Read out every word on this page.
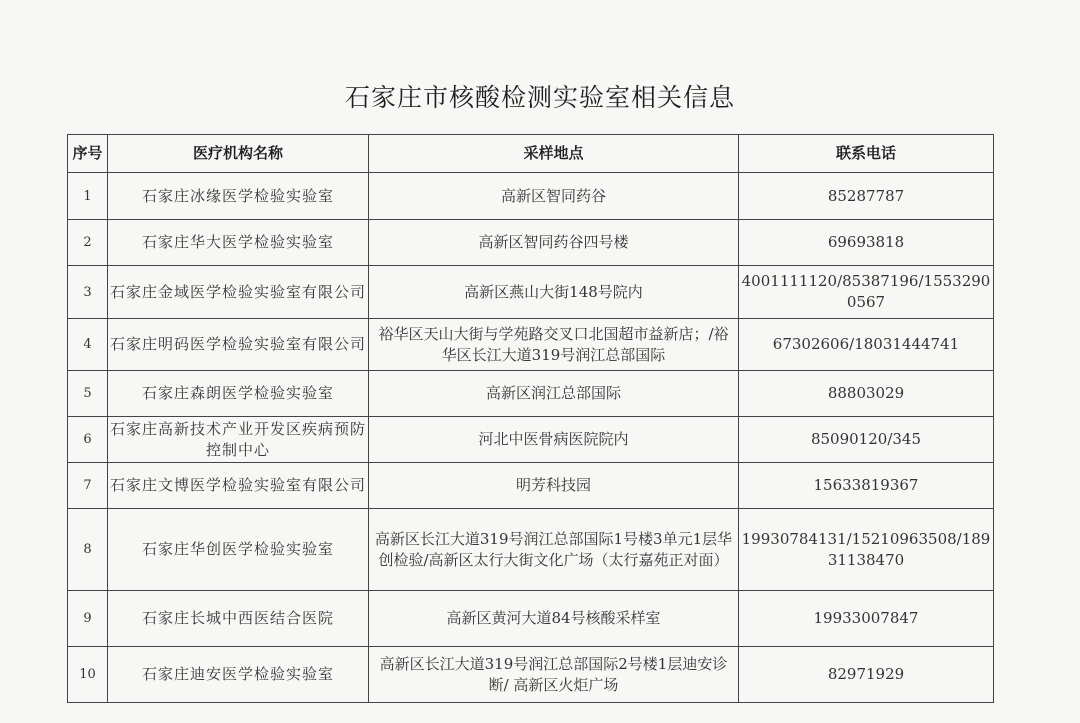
石家庄市核酸检测实验室相关信息
序号	医疗机构名称	采样地点	联系电话
1	石家庄冰缘医学检验实验室	高新区智同药谷	85287787
2	石家庄华大医学检验实验室	高新区智同药谷四号楼	69693818
3	石家庄金域医学检验实验室有限公司	高新区燕山大街148号院内	4001111120/85387196/15532900567
4	石家庄明码医学检验实验室有限公司	裕华区天山大街与学苑路交叉口北国超市益新店；/裕华区长江大道319号润江总部国际	67302606/18031444741
5	石家庄森朗医学检验实验室	高新区润江总部国际	88803029
6	石家庄高新技术产业开发区疾病预防控制中心	河北中医骨病医院院内	85090120/345
7	石家庄文博医学检验实验室有限公司	明芳科技园	15633819367
8	石家庄华创医学检验实验室	高新区长江大道319号润江总部国际1号楼3单元1层华创检验/高新区太行大街文化广场（太行嘉苑正对面）	19930784131/15210963508/18931138470
9	石家庄长城中西医结合医院	高新区黄河大道84号核酸采样室	19933007847
10	石家庄迪安医学检验实验室	高新区长江大道319号润江总部国际2号楼1层迪安诊断/ 高新区火炬广场	82971929
